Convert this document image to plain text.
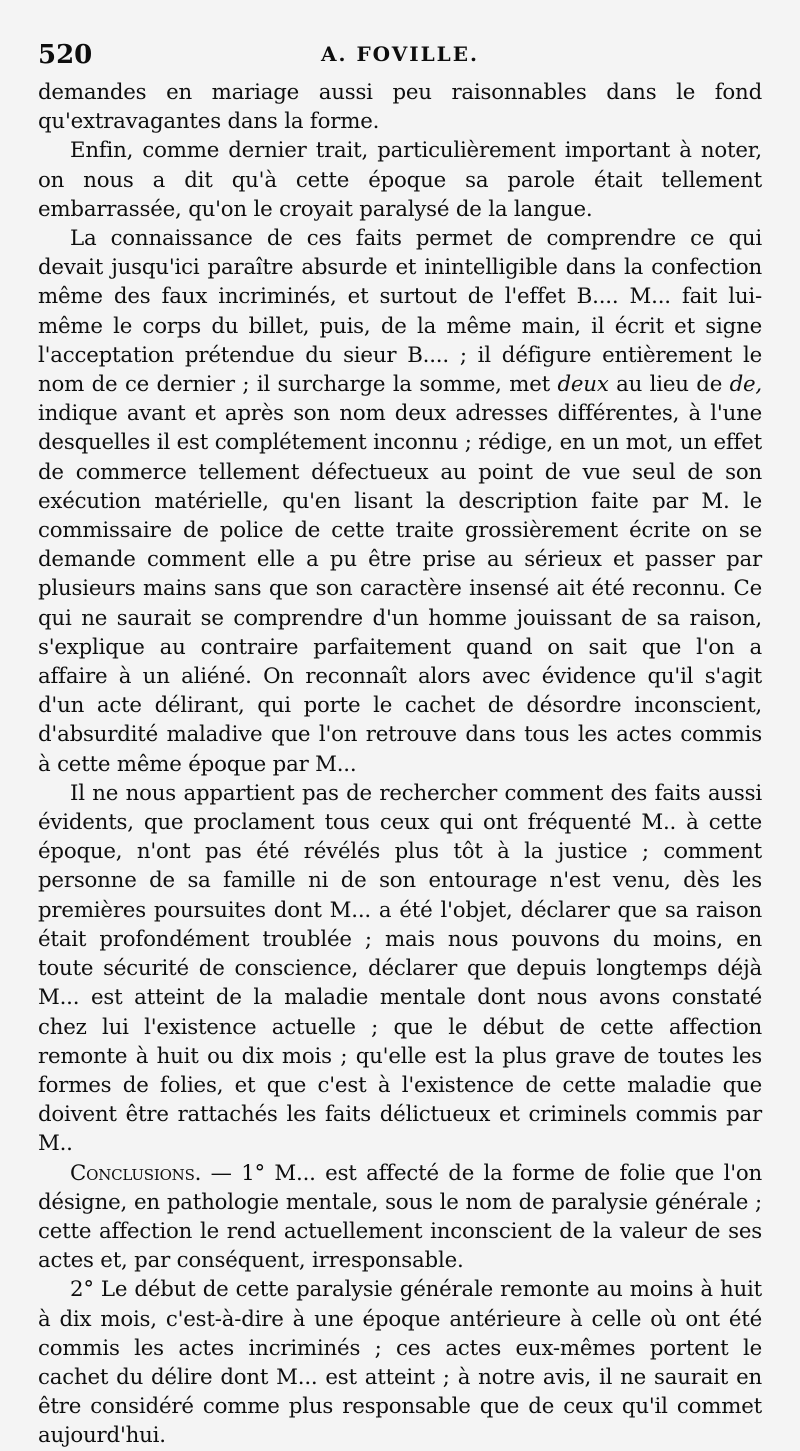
520	A. FOVILLE.

demandes en mariage aussi peu raisonnables dans le fond qu'extravagantes dans la forme.

Enfin, comme dernier trait, particulièrement important à noter, on nous a dit qu'à cette époque sa parole était tellement embarrassée, qu'on le croyait paralysé de la langue.

La connaissance de ces faits permet de comprendre ce qui devait jusqu'ici paraître absurde et inintelligible dans la confection même des faux incriminés, et surtout de l'effet B.... M... fait lui-même le corps du billet, puis, de la même main, il écrit et signe l'acceptation prétendue du sieur B.... ; il défigure entièrement le nom de ce dernier ; il surcharge la somme, met deux au lieu de de, indique avant et après son nom deux adresses différentes, à l'une desquelles il est complétement inconnu ; rédige, en un mot, un effet de commerce tellement défectueux au point de vue seul de son exécution matérielle, qu'en lisant la description faite par M. le commissaire de police de cette traite grossièrement écrite on se demande comment elle a pu être prise au sérieux et passer par plusieurs mains sans que son caractère insensé ait été reconnu. Ce qui ne saurait se comprendre d'un homme jouissant de sa raison, s'explique au contraire parfaitement quand on sait que l'on a affaire à un aliéné. On reconnaît alors avec évidence qu'il s'agit d'un acte délirant, qui porte le cachet de désordre inconscient, d'absurdité maladive que l'on retrouve dans tous les actes commis à cette même époque par M...

Il ne nous appartient pas de rechercher comment des faits aussi évidents, que proclament tous ceux qui ont fréquenté M.. à cette époque, n'ont pas été révélés plus tôt à la justice ; comment personne de sa famille ni de son entourage n'est venu, dès les premières poursuites dont M... a été l'objet, déclarer que sa raison était profondément troublée ; mais nous pouvons du moins, en toute sécurité de conscience, déclarer que depuis longtemps déjà M... est atteint de la maladie mentale dont nous avons constaté chez lui l'existence actuelle ; que le début de cette affection remonte à huit ou dix mois ; qu'elle est la plus grave de toutes les formes de folies, et que c'est à l'existence de cette maladie que doivent être rattachés les faits délictueux et criminels commis par M..

Conclusions. — 1° M... est affecté de la forme de folie que l'on désigne, en pathologie mentale, sous le nom de paralysie générale ; cette affection le rend actuellement inconscient de la valeur de ses actes et, par conséquent, irresponsable.

2° Le début de cette paralysie générale remonte au moins à huit à dix mois, c'est-à-dire à une époque antérieure à celle où ont été commis les actes incriminés ; ces actes eux-mêmes portent le cachet du délire dont M... est atteint ; à notre avis, il ne saurait en être considéré comme plus responsable que de ceux qu'il commet aujourd'hui.
